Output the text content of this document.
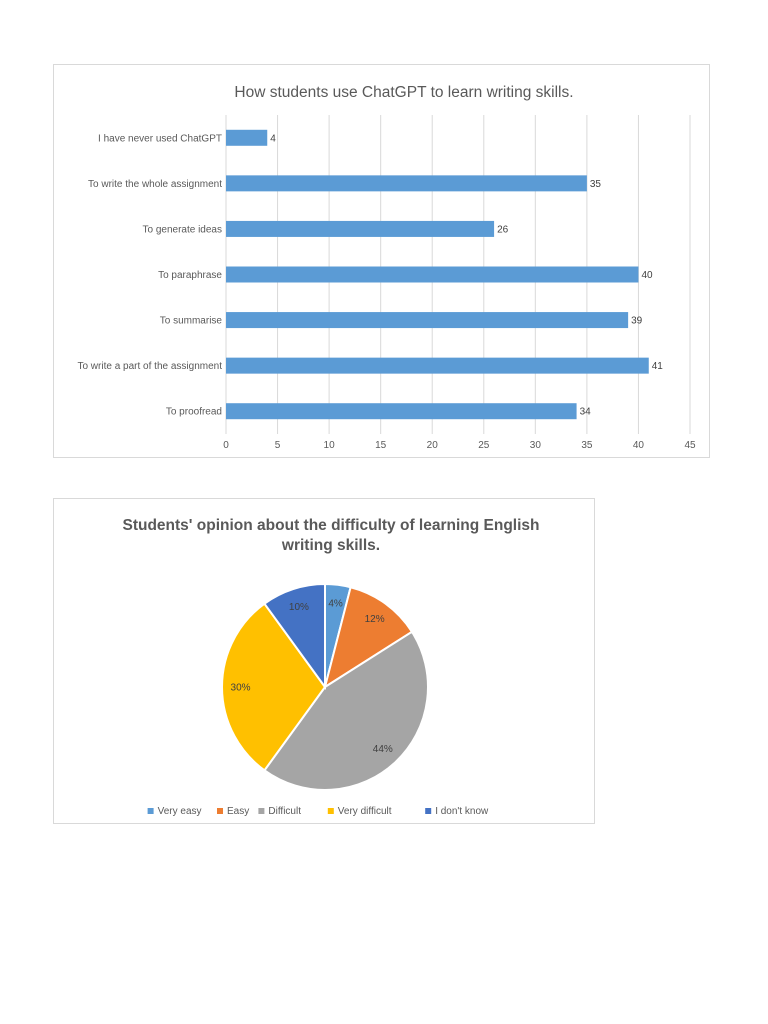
How students use ChatGPT to learn writing skills.
0	5	10	15	20	25	30	35	40	45
I have never used ChatGPT	4
To write the whole assignment	35
To generate ideas	26
To paraphrase	40
To summarise	39
To write a part of the assignment	41
To proofread	34
Students' opinion about the difficulty of learning English
writing skills.
4%
12%
44%
30%
10%
Very easy	Easy Difficult	Very difficult	I don't know
